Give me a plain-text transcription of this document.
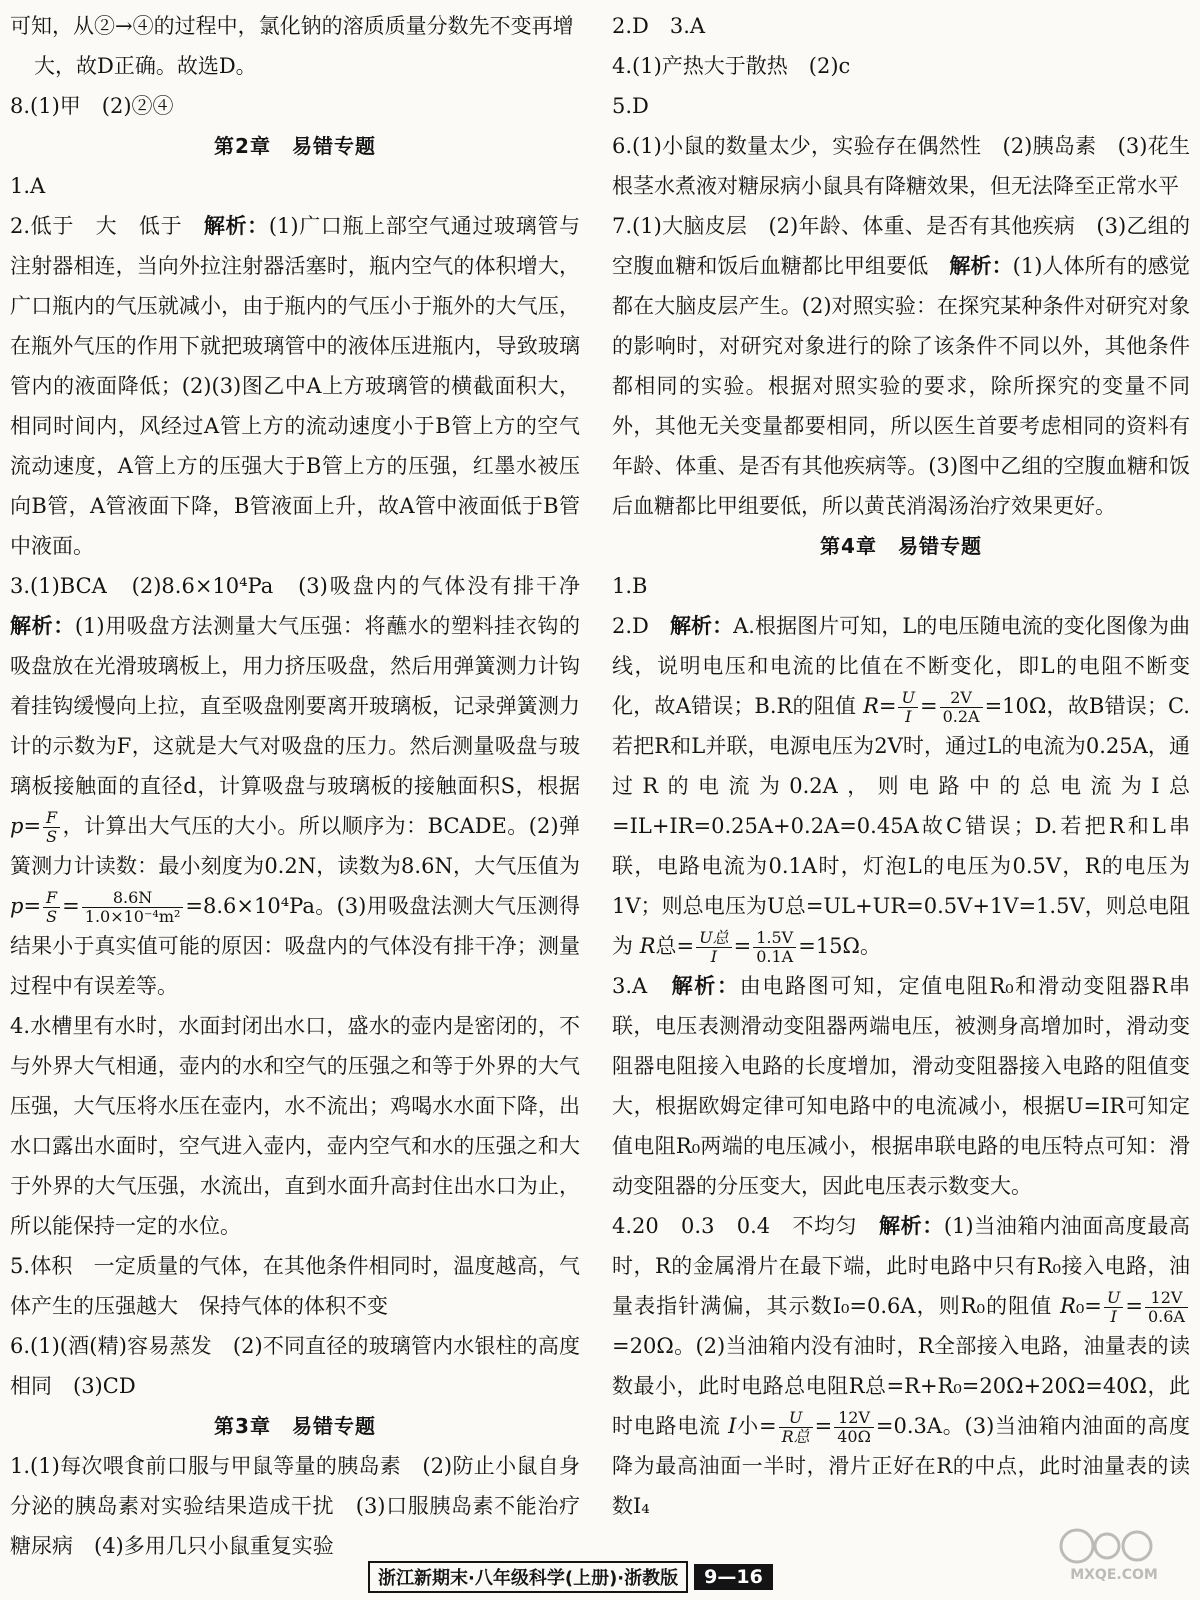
可知，从②→④的过程中，氯化钠的溶质质量分数先不变再增

大，故D正确。故选D。

8.(1)甲　(2)②④

第2章　易错专题

1.A

2.低于　大　低于　解析：(1)广口瓶上部空气通过玻璃管与注射器相连，当向外拉注射器活塞时，瓶内空气的体积增大，广口瓶内的气压就减小，由于瓶内的气压小于瓶外的大气压，在瓶外气压的作用下就把玻璃管中的液体压进瓶内，导致玻璃管内的液面降低；(2)(3)图乙中A上方玻璃管的横截面积大，相同时间内，风经过A管上方的流动速度小于B管上方的空气流动速度，A管上方的压强大于B管上方的压强，红墨水被压向B管，A管液面下降，B管液面上升，故A管中液面低于B管中液面。

3.(1)BCA　(2)8.6×10⁴Pa　(3)吸盘内的气体没有排干净　解析：(1)用吸盘方法测量大气压强：将蘸水的塑料挂衣钩的吸盘放在光滑玻璃板上，用力挤压吸盘，然后用弹簧测力计钩着挂钩缓慢向上拉，直至吸盘刚要离开玻璃板，记录弹簧测力计的示数为F，这就是大气对吸盘的压力。然后测量吸盘与玻璃板接触面的直径d，计算吸盘与玻璃板的接触面积S，根据 $p= \frac{F}{S}$ ，计算出大气压的大小。所以顺序为：BCADE。(2)弹簧测力计读数：最小刻度为0.2N，读数为8.6N，大气压值为 $p= \frac{F}{S} = \frac{8.6N}{\text{1.0×10⁻⁴m²}} =8.6\times 10^4Pa$。(3)用吸盘法测大气压测得结果小于真实值可能的原因：吸盘内的气体没有排干净；测量过程中有误差等。

4.水槽里有水时，水面封闭出水口，盛水的壶内是密闭的，不与外界大气相通，壶内的水和空气的压强之和等于外界的大气压强，大气压将水压在壶内，水不流出；鸡喝水水面下降，出水口露出水面时，空气进入壶内，壶内空气和水的压强之和大于外界的大气压强，水流出，直到水面升高封住出水口为止，所以能保持一定的水位。

5.体积　一定质量的气体，在其他条件相同时，温度越高，气体产生的压强越大　保持气体的体积不变

6.(1)(酒(精)容易蒸发　(2)不同直径的玻璃管内水银柱的高度相同　(3)CD

第3章　易错专题

1.(1)每次喂食前口服与甲鼠等量的胰岛素　(2)防止小鼠自身分泌的胰岛素对实验结果造成干扰　(3)口服胰岛素不能治疗糖尿病　(4)多用几只小鼠重复实验

2.D　3.A

4.(1)产热大于散热　(2)c

5.D

6.(1)小鼠的数量太少，实验存在偶然性　(2)胰岛素　(3)花生根茎水煮液对糖尿病小鼠具有降糖效果，但无法降至正常水平

7.(1)大脑皮层　(2)年龄、体重、是否有其他疾病　(3)乙组的空腹血糖和饭后血糖都比甲组要低　解析：(1)人体所有的感觉都在大脑皮层产生。(2)对照实验：在探究某种条件对研究对象的影响时，对研究对象进行的除了该条件不同以外，其他条件都相同的实验。根据对照实验的要求，除所探究的变量不同外，其他无关变量都要相同，所以医生首要考虑相同的资料有年龄、体重、是否有其他疾病等。(3)图中乙组的空腹血糖和饭后血糖都比甲组要低，所以黄芪消渴汤治疗效果更好。

第4章　易错专题

1.B

2.D　解析：A.根据图片可知，L的电压随电流的变化图像为曲线，说明电压和电流的比值在不断变化，即L的电阻不断变化，故A错误；B.R的阻值 $R= \frac{U}{I} = \frac{2V}{0.2A} =10\Omega$，故B错误；C.若把R和L并联，电源电压为2V时，通过L的电流为0.25A，通过R的电流为0.2A，则电路中的总电流为I总=IL+IR=0.25A+0.2A=0.45A故C错误；D.若把R和L串联，电路电流为0.1A时，灯泡L的电压为0.5V，R的电压为1V；则总电压为U总=UL+UR=0.5V+1V=1.5V，则总电阻为 R总= $\frac{\text{U总}}{I} = \frac{1.5V}{0.1A} =15\Omega$。

3.A　解析：由电路图可知，定值电阻R₀和滑动变阻器R串联，电压表测滑动变阻器两端电压，被测身高增加时，滑动变阻器电阻接入电路的长度增加，滑动变阻器接入电路的阻值变大，根据欧姆定律可知电路中的电流减小，根据U=IR可知定值电阻R₀两端的电压减小，根据串联电路的电压特点可知：滑动变阻器的分压变大，因此电压表示数变大。

4.20　0.3　0.4　不均匀　解析：(1)当油箱内油面高度最高时，R的金属滑片在最下端，此时电路中只有R₀接入电路，油量表指针满偏，其示数I₀=0.6A，则R₀的阻值 $R_0= \frac{U}{I} = \frac{12V}{0.6A}$
=20Ω。(2)当油箱内没有油时，R全部接入电路，油量表的读数最小，此时电路总电阻R总=R+R₀=20Ω+20Ω=40Ω，此时电路电流 I小= $\frac{U}{\text{R总}} = \frac{12V}{40\Omega} =0.3A$。(3)当油箱内油面的高度降为最高油面一半时，滑片正好在R的中点，此时油量表的读数I₄

浙江新期末·八年级科学(上册)·浙教版	9—16	MXQE.COM
